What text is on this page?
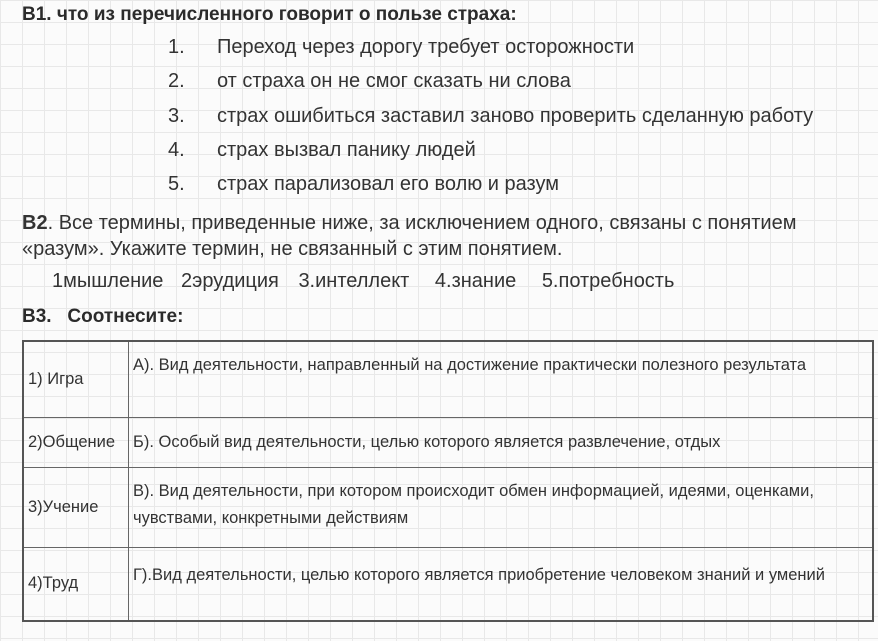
В1. что из перечисленного говорит о пользе страха:
1. Переход через дорогу требует осторожности
2. от страха он не смог сказать ни слова
3. страх ошибиться заставил заново проверить сделанную работу
4. страх вызвал панику людей
5. страх парализовал его волю и разум
В2. Все термины, приведенные ниже, за исключением одного, связаны с понятием «разум». Укажите термин, не связанный с этим понятием.
1мышление 2эрудиция 3.интеллект 4.знание 5.потребность
В3.   Соотнесите:
1) Игра	А). Вид деятельности, направленный на достижение практически полезного результата
2)Общение	Б). Особый вид деятельности, целью которого является развлечение, отдых
3)Учение	В). Вид деятельности, при котором происходит обмен информацией, идеями, оценками, чувствами, конкретными действиям
4)Труд	Г).Вид деятельности, целью которого является приобретение человеком знаний и умений
